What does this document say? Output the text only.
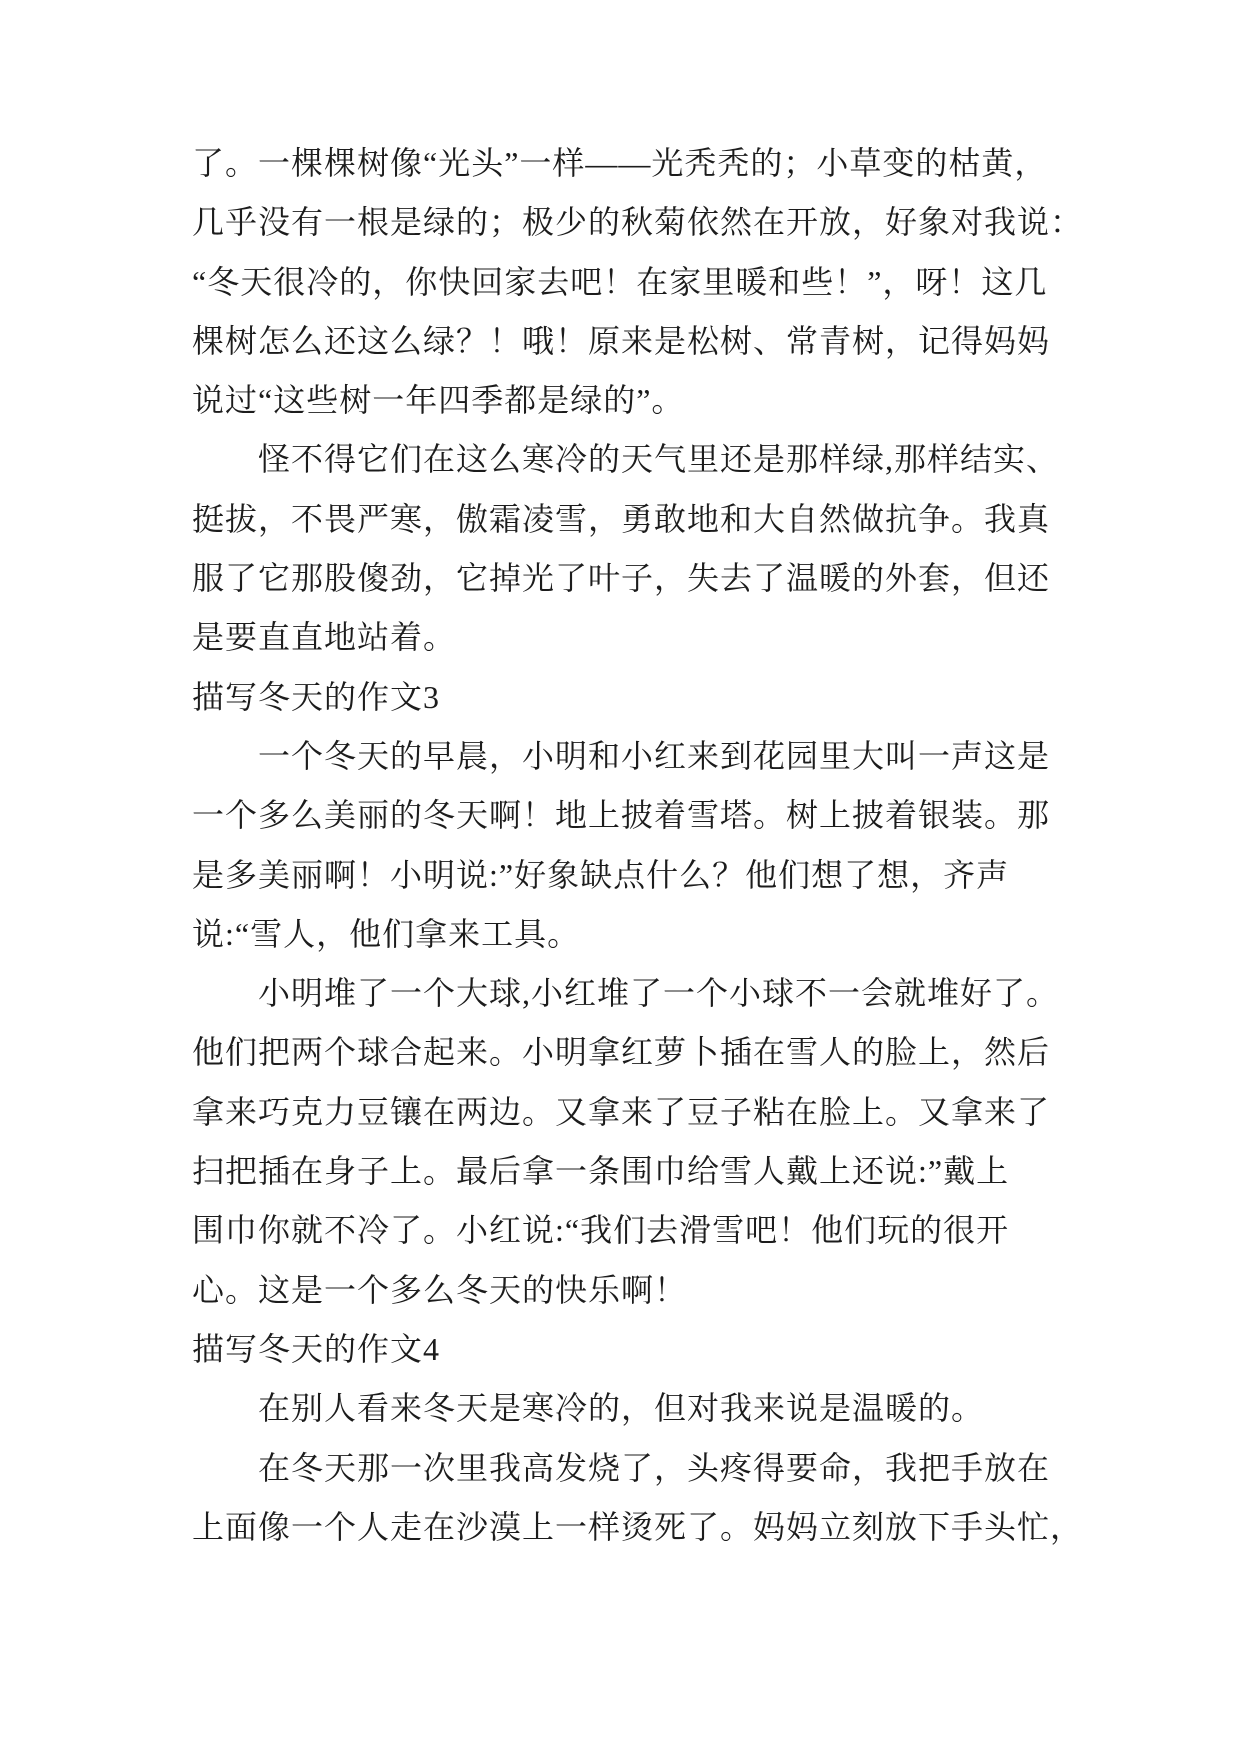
了。一棵棵树像“光头”一样——光秃秃的；小草变的枯黄，
几乎没有一根是绿的；极少的秋菊依然在开放，好象对我说：
“冬天很冷的，你快回家去吧！在家里暖和些！”，呀！这几
棵树怎么还这么绿？！哦！原来是松树、常青树，记得妈妈
说过“这些树一年四季都是绿的”。
怪不得它们在这么寒冷的天气里还是那样绿,那样结实、
挺拔，不畏严寒，傲霜凌雪，勇敢地和大自然做抗争。我真
服了它那股傻劲，它掉光了叶子，失去了温暖的外套，但还
是要直直地站着。
描写冬天的作文3
一个冬天的早晨，小明和小红来到花园里大叫一声这是
一个多么美丽的冬天啊！地上披着雪塔。树上披着银装。那
是多美丽啊！小明说:”好象缺点什么？他们想了想，齐声
说:“雪人，他们拿来工具。
小明堆了一个大球,小红堆了一个小球不一会就堆好了。
他们把两个球合起来。小明拿红萝卜插在雪人的脸上，然后
拿来巧克力豆镶在两边。又拿来了豆子粘在脸上。又拿来了
扫把插在身子上。最后拿一条围巾给雪人戴上还说:”戴上
围巾你就不冷了。小红说:“我们去滑雪吧！他们玩的很开
心。这是一个多么冬天的快乐啊！
描写冬天的作文4
在别人看来冬天是寒冷的，但对我来说是温暖的。
在冬天那一次里我高发烧了，头疼得要命，我把手放在
上面像一个人走在沙漠上一样烫死了。妈妈立刻放下手头忙，
